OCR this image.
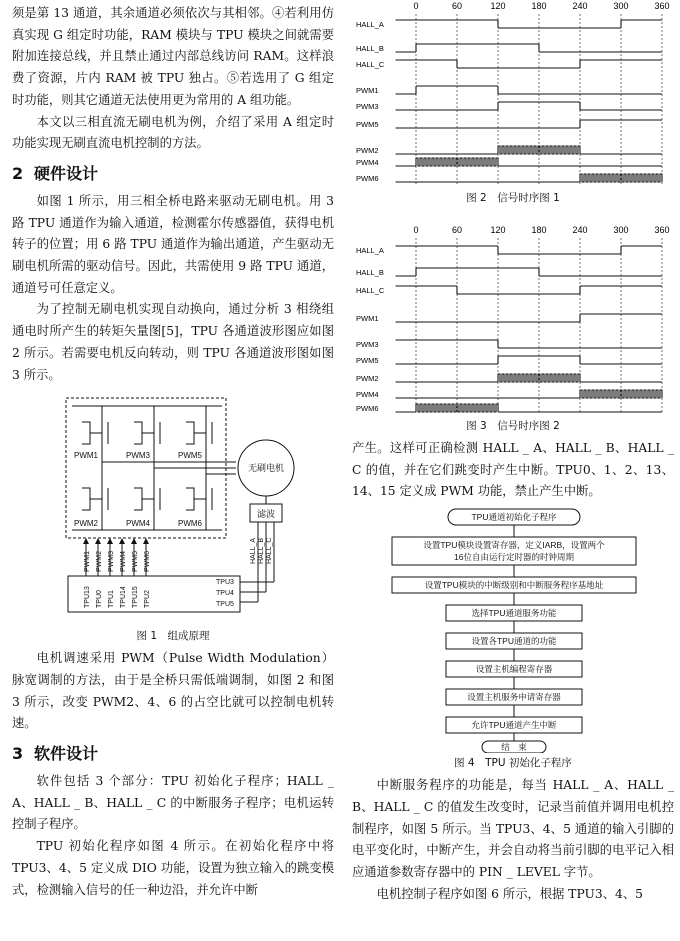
须是第 13 通道，其余通道必须依次与其相邻。④若利用仿真实现 G 组定时功能，RAM 模块与 TPU 模块之间就需要附加连接总线，并且禁止通过内部总线访问 RAM。这样浪费了资源，片内 RAM 被 TPU 独占。⑤若选用了 G 组定时功能，则其它通道无法使用更为常用的 A 组功能。

本文以三相直流无刷电机为例，介绍了采用 A 组定时功能实现无刷直流电机控制的方法。

2 硬件设计

如图 1 所示，用三相全桥电路来驱动无刷电机。用 3 路 TPU 通道作为输入通道，检测霍尔传感器值，获得电机转子的位置；用 6 路 TPU 通道作为输出通道，产生驱动无刷电机所需的驱动信号。因此，共需使用 9 路 TPU 通道，通道号可任意定义。

为了控制无刷电机实现自动换向，通过分析 3 相绕组通电时所产生的转矩矢量图[5]，TPU 各通道波形图应如图 2 所示。若需要电机反向转动，则 TPU 各通道波形图如图 3 所示。

PWM1	PWM3	PWM5
PWM2	PWM4	PWM6
无刷电机
滤波
TPU3
TPU4
TPU5
PWM1 PWM2 PWM3 PWM4 PWM5 PWM6
TPU13 TPU0 TPU1 TPU14 TPU15 TPU2
HALL_A HALL_B HALL_C

图 1　组成原理

电机调速采用 PWM（Pulse Width Modulation）脉宽调制的方法，由于是全桥只需低端调制，如图 2 和图 3 所示，改变 PWM2、4、6 的占空比就可以控制电机转速。

3 软件设计

软件包括 3 个部分：TPU 初始化子程序；HALL _ A、HALL _ B、HALL _ C 的中断服务子程序；电机运转控制子程序。

TPU 初始化程序如图 4 所示。在初始化程序中将 TPU3、4、5 定义成 DIO 功能，设置为独立输入的跳变模式，检测输入信号的任一种边沿，并允许中断

0	60	120	180	240	300	360
HALL_A
HALL_B
HALL_C
PWM1
PWM3
PWM5
PWM2
PWM4
PWM6

图 2　信号时序图 1

0	60	120	180	240	300	360
HALL_A
HALL_B
HALL_C
PWM1
PWM3
PWM5
PWM2
PWM4
PWM6

图 3　信号时序图 2

产生。这样可正确检测 HALL _ A、HALL _ B、HALL _ C 的值，并在它们跳变时产生中断。TPU0、1、2、13、14、15 定义成 PWM 功能，禁止产生中断。

TPU通道初始化子程序
设置TPU模块设置寄存器，定义IARB，设置两个
16位自由运行定时器的时钟周期
设置TPU模块的中断级别和中断服务程序基地址
选择TPU通道服务功能
设置各TPU通道的功能
设置主机编程寄存器
设置主机服务申请寄存器
允许TPU通道产生中断
结　束

图 4　TPU 初始化子程序

中断服务程序的功能是，每当 HALL _ A、HALL _ B、HALL _ C 的值发生改变时，记录当前值并调用电机控制程序，如图 5 所示。当 TPU3、4、5 通道的输入引脚的电平变化时，中断产生，并会自动将当前引脚的电平记入相应通道参数寄存器中的 PIN _ LEVEL 字节。

电机控制子程序如图 6 所示，根据 TPU3、4、5
